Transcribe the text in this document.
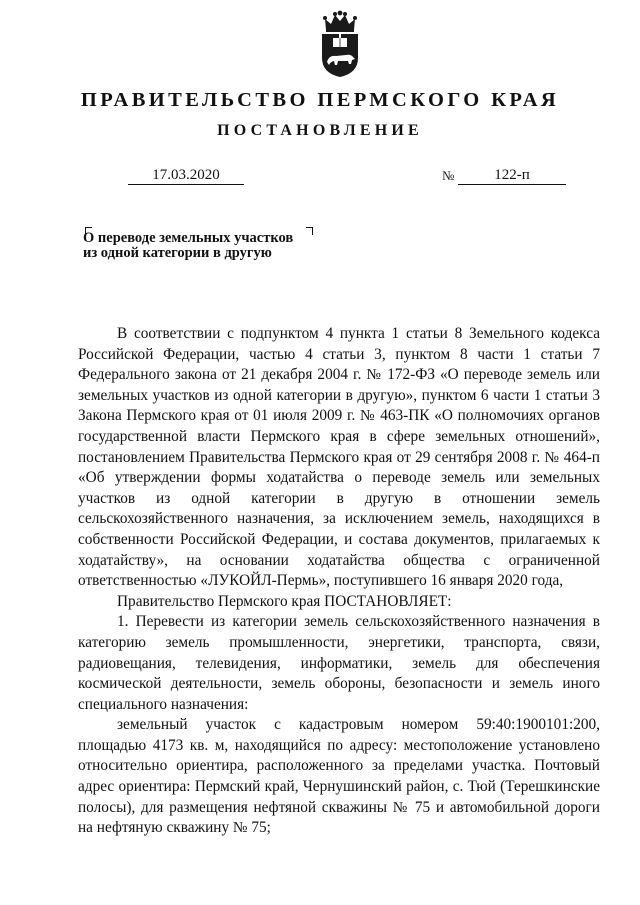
ПРАВИТЕЛЬСТВО ПЕРМСКОГО КРАЯ
ПОСТАНОВЛЕНИЕ
17.03.2020	№	122-п

О переводе земельных участков

из одной категории в другую

В соответствии с подпунктом 4 пункта 1 статьи 8 Земельного кодекса Российской Федерации, частью 4 статьи 3, пунктом 8 части 1 статьи 7 Федерального закона от 21 декабря 2004 г. № 172-ФЗ «О переводе земель или земельных участков из одной категории в другую», пунктом 6 части 1 статьи 3 Закона Пермского края от 01 июля 2009 г. № 463-ПК «О полномочиях органов государственной власти Пермского края в сфере земельных отношений», постановлением Правительства Пермского края от 29 сентября 2008 г. № 464-п «Об утверждении формы ходатайства о переводе земель или земельных участков из одной категории в другую в отношении земель сельскохозяйственного назначения, за исключением земель, находящихся в собственности Российской Федерации, и состава документов, прилагаемых к ходатайству», на основании ходатайства общества с ограниченной ответственностью «ЛУКОЙЛ-Пермь», поступившего 16 января 2020 года,

Правительство Пермского края ПОСТАНОВЛЯЕТ:

1. Перевести из категории земель сельскохозяйственного назначения в категорию земель промышленности, энергетики, транспорта, связи, радиовещания, телевидения, информатики, земель для обеспечения космической деятельности, земель обороны, безопасности и земель иного специального назначения:

земельный участок с кадастровым номером 59:40:1900101:200, площадью 4173 кв. м, находящийся по адресу: местоположение установлено относительно ориентира, расположенного за пределами участка. Почтовый адрес ориентира: Пермский край, Чернушинский район, с. Тюй (Терешкинские полосы), для размещения нефтяной скважины № 75 и автомобильной дороги на нефтяную скважину № 75;
